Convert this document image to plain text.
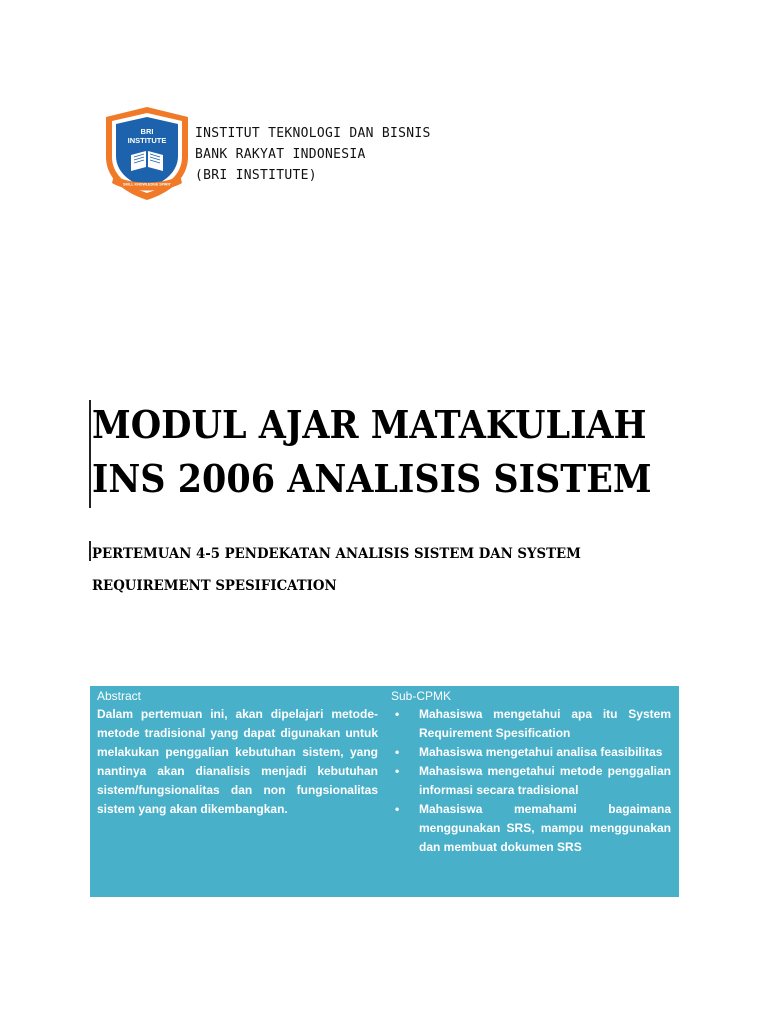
BRI
INSTITUTE
SKILL KNOWLEDGE SPIRIT
INSTITUT TEKNOLOGI DAN BISNIS
BANK RAKYAT INDONESIA
(BRI INSTITUTE)
MODUL AJAR MATAKULIAH
INS 2006 ANALISIS SISTEM
PERTEMUAN 4-5 PENDEKATAN ANALISIS SISTEM DAN SYSTEM REQUIREMENT SPESIFICATION

Abstract

Dalam pertemuan ini, akan dipelajari metode-metode tradisional yang dapat digunakan untuk melakukan penggalian kebutuhan sistem, yang nantinya akan dianalisis menjadi kebutuhan sistem/fungsionalitas dan non fungsionalitas sistem yang akan dikembangkan.

Sub-CPMK

• Mahasiswa mengetahui apa itu System Requirement Spesification
• Mahasiswa mengetahui analisa feasibilitas
• Mahasiswa mengetahui metode penggalian informasi secara tradisional
• Mahasiswa memahami bagaimana menggunakan SRS, mampu menggunakan dan membuat dokumen SRS
